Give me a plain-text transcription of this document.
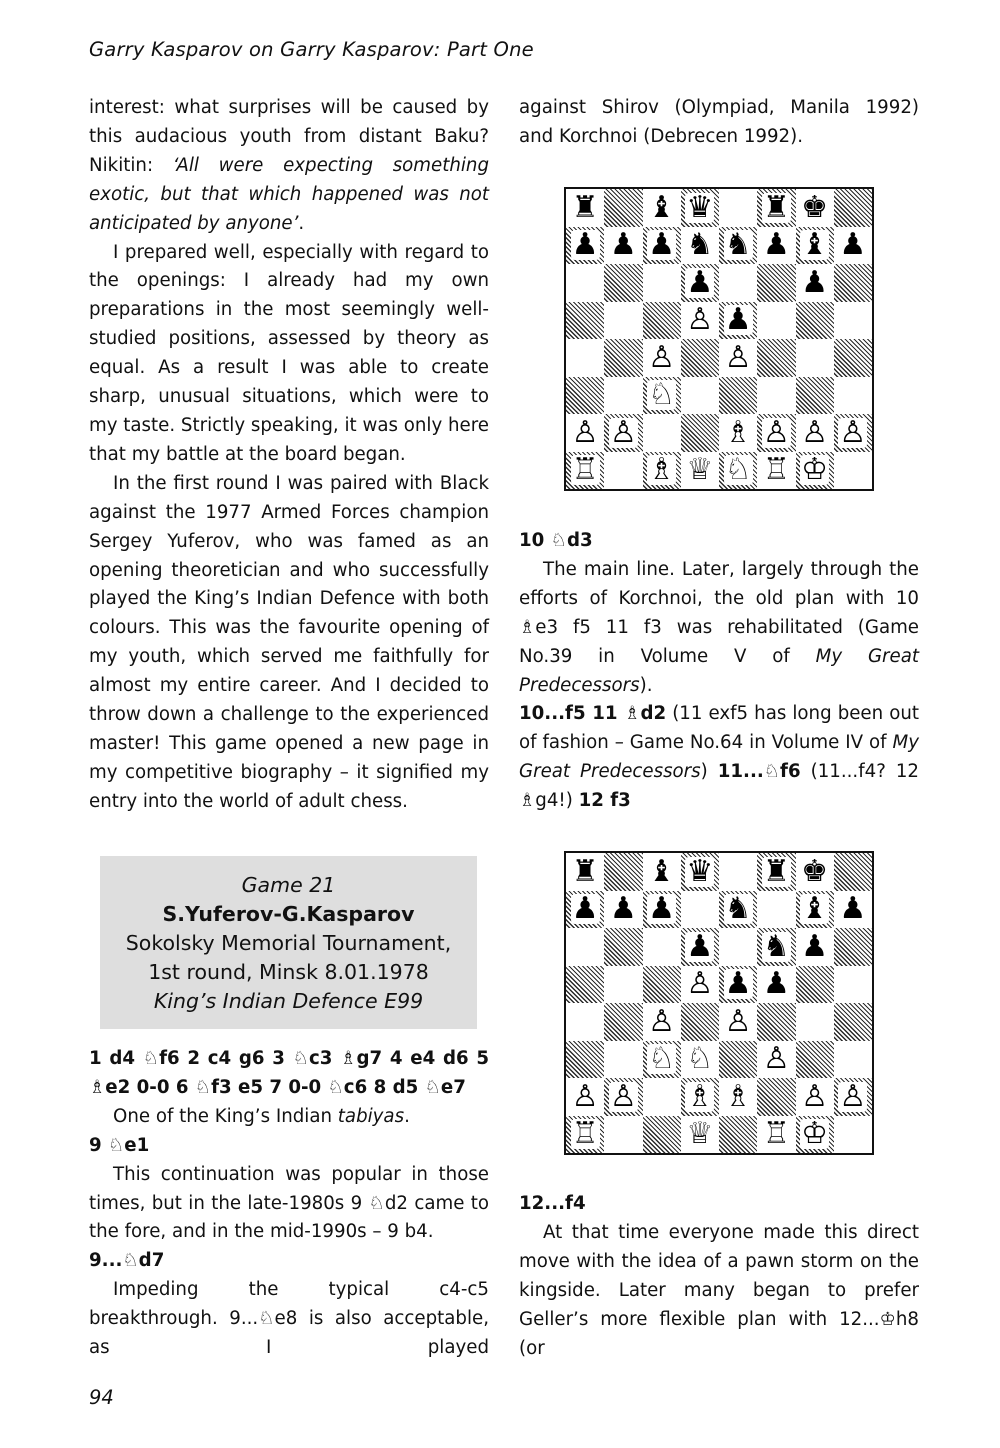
Garry Kasparov on Garry Kasparov: Part One

interest: what surprises will be caused by this audacious youth from distant Baku? Nikitin: ‘All were expecting something exotic, but that which happened was not anticipated by anyone’.

I prepared well, especially with regard to the openings: I already had my own preparations in the most seemingly well-studied positions, assessed by theory as equal. As a result I was able to create sharp, unusual situations, which were to my taste. Strictly speaking, it was only here that my battle at the board began.

In the first round I was paired with Black against the 1977 Armed Forces champion Sergey Yuferov, who was famed as an opening theoretician and who successfully played the King’s Indian Defence with both colours. This was the favourite opening of my youth, which served me faithfully for almost my entire career. And I decided to throw down a challenge to the experienced master! This game opened a new page in my competitive biography – it signified my entry into the world of adult chess.

Game 21
S.Yuferov-G.Kasparov
Sokolsky Memorial Tournament,
1st round, Minsk 8.01.1978
King’s Indian Defence E99

1 d4 ♘f6 2 c4 g6 3 ♘c3 ♗g7 4 e4 d6 5 ♗e2 0-0 6 ♘f3 e5 7 0-0 ♘c6 8 d5 ♘e7

One of the King’s Indian tabiyas.

9 ♘e1

This continuation was popular in those times, but in the late-1980s 9 ♘d2 came to the fore, and in the mid-1990s – 9 b4.

9...♘d7

Impeding the typical c4-c5 breakthrough. 9...♘e8 is also acceptable, as I played

against Shirov (Olympiad, Manila 1992) and Korchnoi (Debrecen 1992).

♜ ♝ ♛ ♜ ♚
♟ ♟ ♟ ♞ ♞ ♟ ♝ ♟
♟	♟
♙ ♟
♙ ♙
♘
♙ ♙	♗ ♙ ♙ ♙
♖ ♗ ♕ ♘ ♖ ♔

10 ♘d3

The main line. Later, largely through the efforts of Korchnoi, the old plan with 10 ♗e3 f5 11 f3 was rehabilitated (Game No.39 in Volume V of My Great Predecessors).

10...f5 11 ♗d2 (11 exf5 has long been out of fashion – Game No.64 in Volume IV of My Great Predecessors) 11...♘f6 (11...f4? 12 ♗g4!) 12 f3

♜ ♝ ♛ ♜ ♚
♟ ♟ ♟ ♞ ♝ ♟
♟ ♞ ♟
♙ ♟ ♟
♙ ♙
♘ ♘ ♙
♙ ♙ ♗ ♗ ♙ ♙
♖	♕ ♖ ♔

12...f4

At that time everyone made this direct move with the idea of a pawn storm on the kingside. Later many began to prefer Geller’s more flexible plan with 12...♔h8 (or

94
